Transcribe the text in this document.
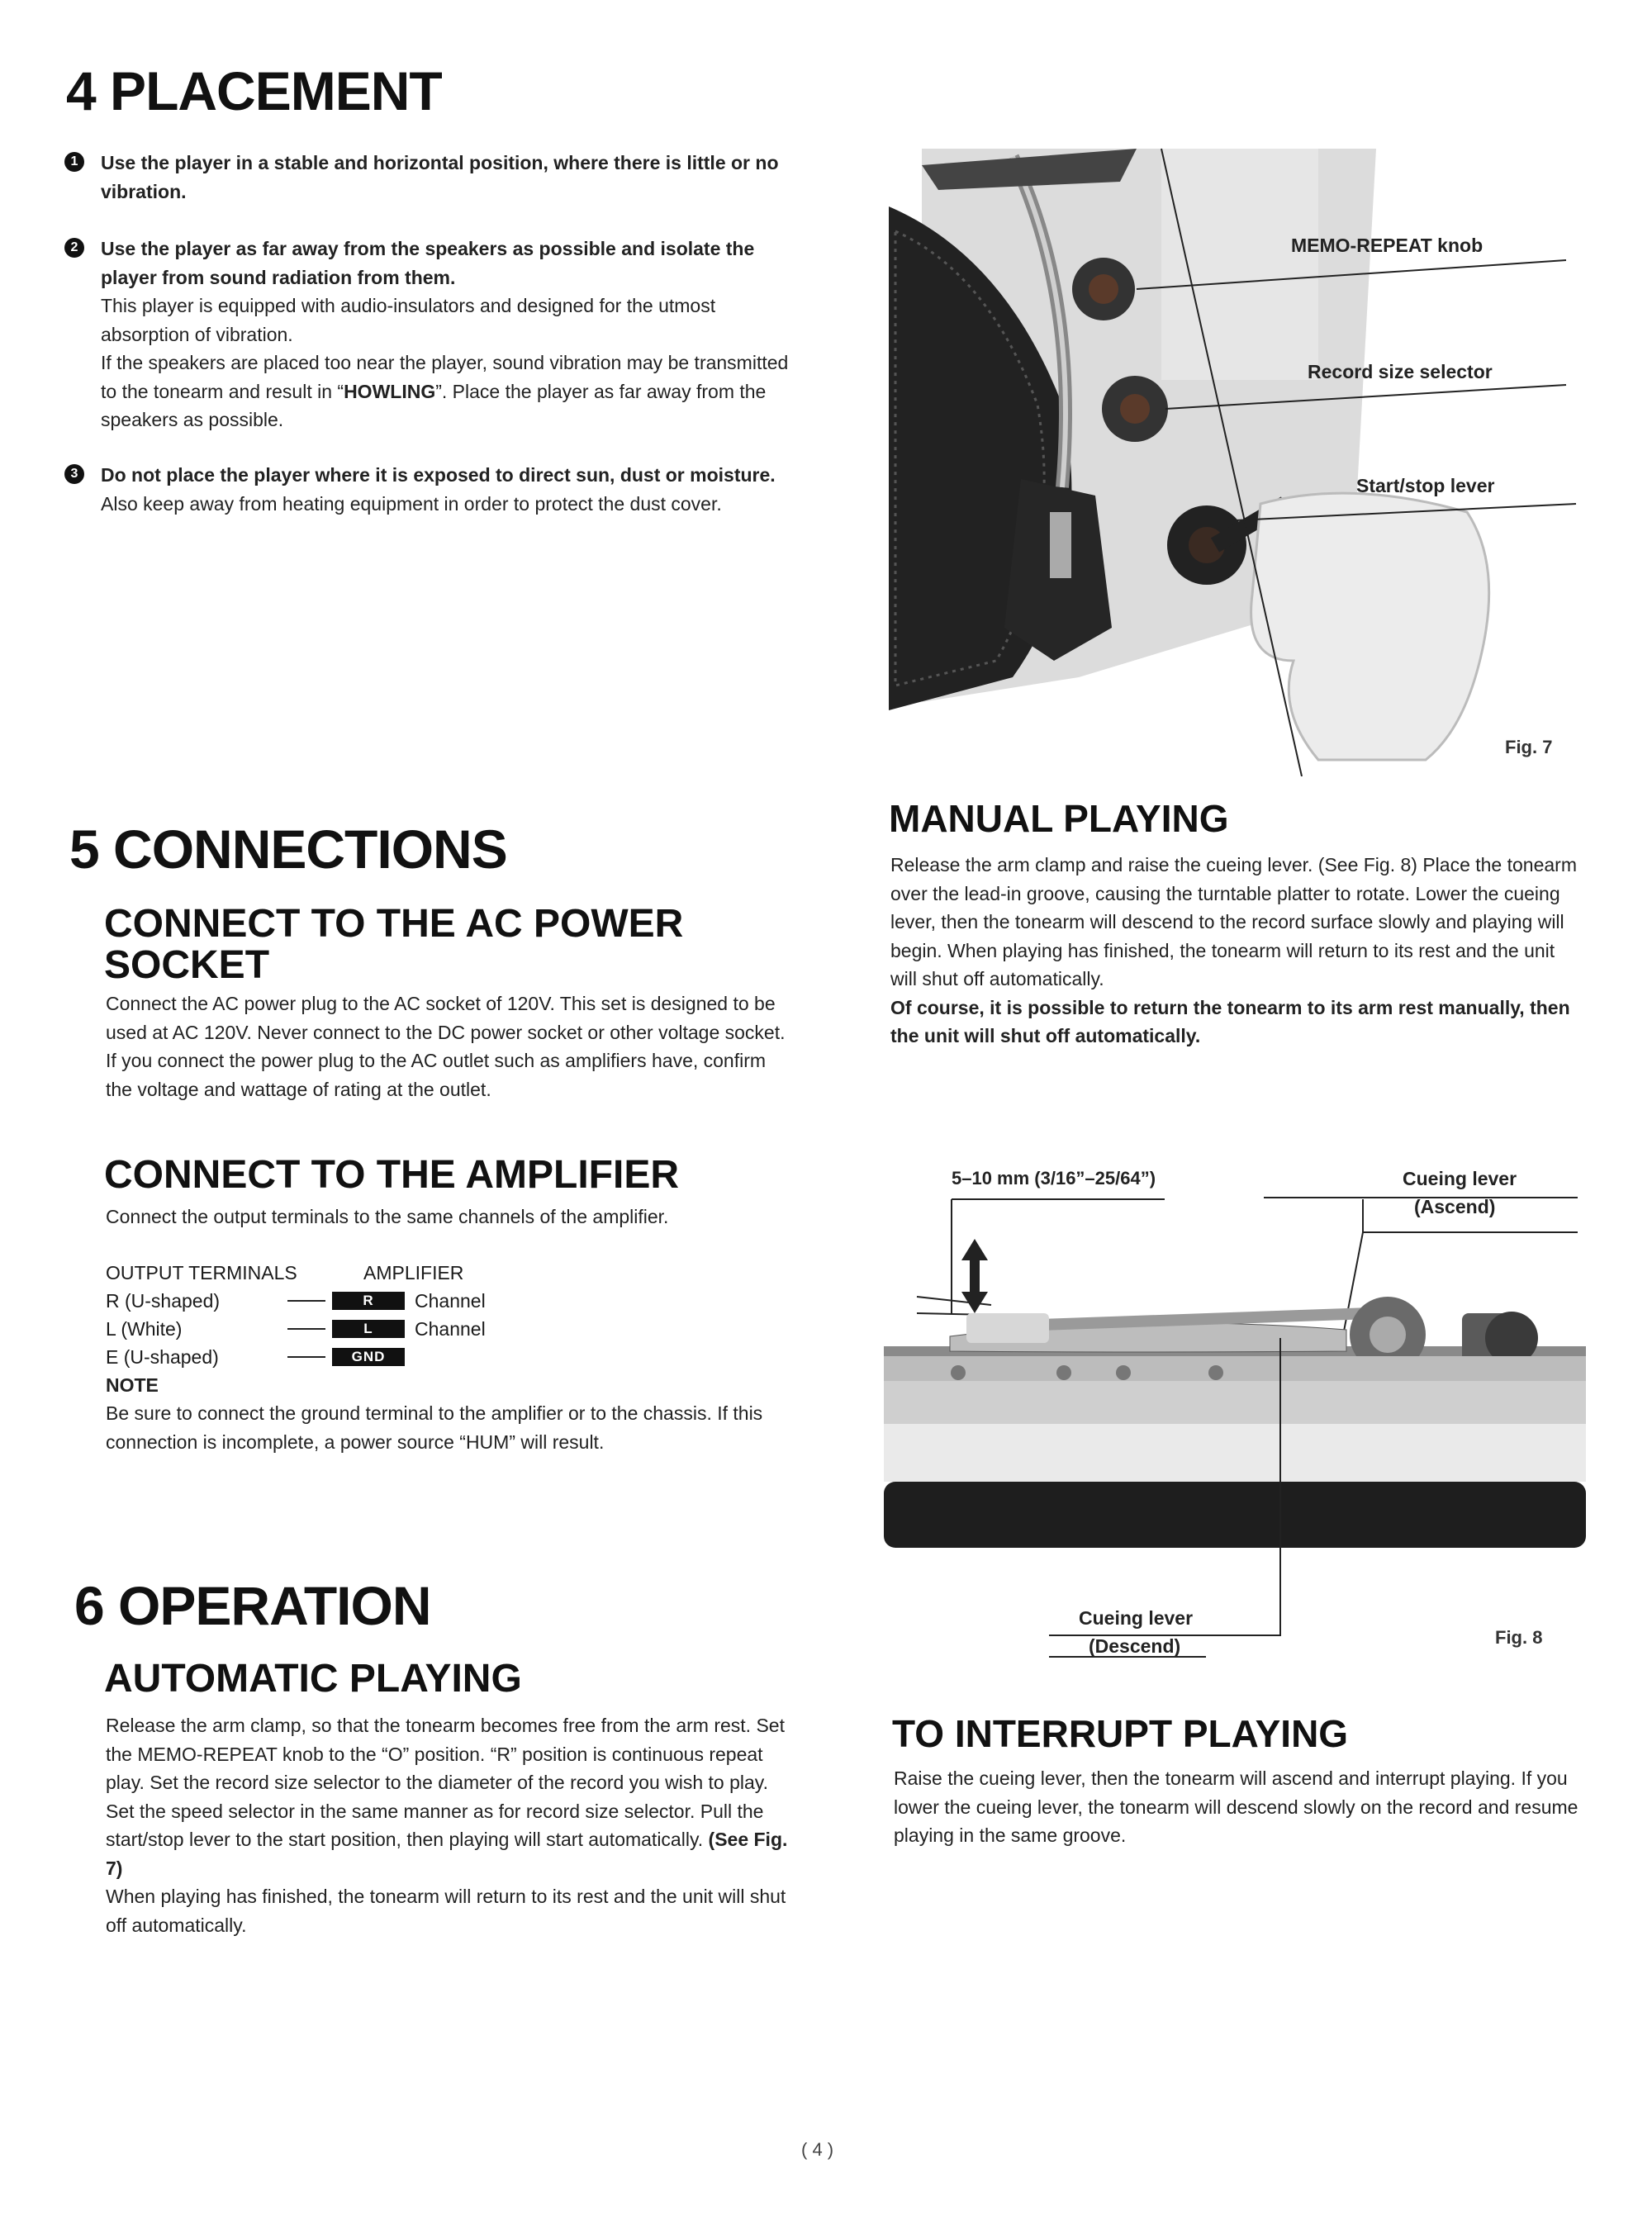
4 PLACEMENT
1	Use the player in a stable and horizontal position, where there is little or no vibration.
2	Use the player as far away from the speakers as possible and isolate the player from sound radiation from them.
This player is equipped with audio-insulators and designed for the utmost absorption of vibration.
If the speakers are placed too near the player, sound vibration may be transmitted to the tonearm and result in “HOWLING”. Place the player as far away from the speakers as possible.
3	Do not place the player where it is exposed to direct sun, dust or moisture.
Also keep away from heating equipment in order to protect the dust cover.
5 CONNECTIONS
CONNECT TO THE AC POWER SOCKET
Connect the AC power plug to the AC socket of 120V. This set is designed to be used at AC 120V. Never connect to the DC power socket or other voltage socket. If you connect the power plug to the AC outlet such as amplifiers have, confirm the voltage and wattage of rating at the outlet.
CONNECT TO THE AMPLIFIER
Connect the output terminals to the same channels of the amplifier.
OUTPUT TERMINALS	AMPLIFIER
R (U-shaped)	R	Channel
L (White)	L	Channel
E (U-shaped)	GND
NOTE
Be sure to connect the ground terminal to the amplifier or to the chassis. If this connection is incomplete, a power source “HUM” will result.
6 OPERATION
AUTOMATIC PLAYING
Release the arm clamp, so that the tonearm becomes free from the arm rest. Set the MEMO-REPEAT knob to the “O” position. “R” position is continuous repeat play. Set the record size selector to the diameter of the record you wish to play. Set the speed selector in the same manner as for record size selector. Pull the start/stop lever to the start position, then playing will start automatically. (See Fig. 7)
When playing has finished, the tonearm will return to its rest and the unit will shut off automatically.
MEMO-REPEAT knob
Record size selector
Start/stop lever
Fig. 7
MANUAL PLAYING
Release the arm clamp and raise the cueing lever. (See Fig. 8) Place the tonearm over the lead-in groove, causing the turntable platter to rotate. Lower the cueing lever, then the tonearm will descend to the record surface slowly and playing will begin. When playing has finished, the tonearm will return to its rest and the unit will shut off automatically.
Of course, it is possible to return the tonearm to its arm rest manually, then the unit will shut off automatically.
5–10 mm (3/16”–25/64”)	Cueing lever
(Ascend)
Cueing lever
(Descend)	Fig. 8
TO INTERRUPT PLAYING
Raise the cueing lever, then the tonearm will ascend and interrupt playing. If you lower the cueing lever, the tonearm will descend slowly on the record and resume playing in the same groove.
( 4 )
